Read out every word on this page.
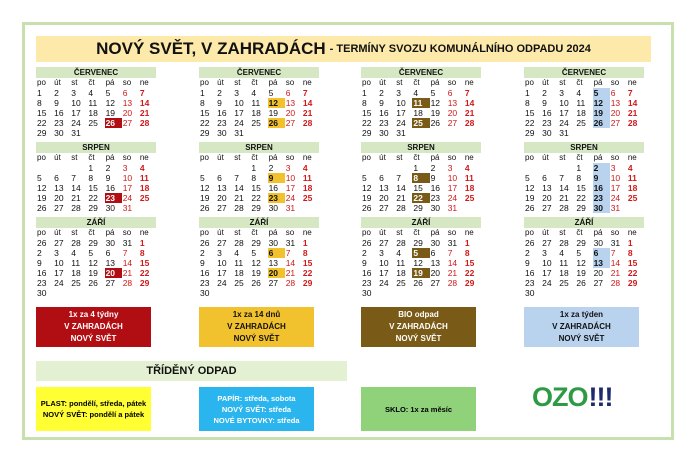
NOVÝ SVĚT, V ZAHRADÁCH - TERMÍNY SVOZU KOMUNÁLNÍHO ODPADU 2024
ČERVENEC
po	út	st	čt	pá	so	ne
1	2	3	4	5	6	7
8	9	10	11	12	13	14
15	16	17	18	19	20	21
22	23	24	25	26	27	28
29	30	31				
SRPEN
po	út	st	čt	pá	so	ne
			1	2	3	4
5	6	7	8	9	10	11
12	13	14	15	16	17	18
19	20	21	22	23	24	25
26	27	28	29	30	31	
ZÁŘÍ
po	út	st	čt	pá	so	ne
26	27	28	29	30	31	1
2	3	4	5	6	7	8
9	10	11	12	13	14	15
16	17	18	19	20	21	22
23	24	25	26	27	28	29
30						
ČERVENEC
po	út	st	čt	pá	so	ne
1	2	3	4	5	6	7
8	9	10	11	12	13	14
15	16	17	18	19	20	21
22	23	24	25	26	27	28
29	30	31				
SRPEN
po	út	st	čt	pá	so	ne
			1	2	3	4
5	6	7	8	9	10	11
12	13	14	15	16	17	18
19	20	21	22	23	24	25
26	27	28	29	30	31	
ZÁŘÍ
po	út	st	čt	pá	so	ne
26	27	28	29	30	31	1
2	3	4	5	6	7	8
9	10	11	12	13	14	15
16	17	18	19	20	21	22
23	24	25	26	27	28	29
30						
ČERVENEC
po	út	st	čt	pá	so	ne
1	2	3	4	5	6	7
8	9	10	11	12	13	14
15	16	17	18	19	20	21
22	23	24	25	26	27	28
29	30	31				
SRPEN
po	út	st	čt	pá	so	ne
			1	2	3	4
5	6	7	8	9	10	11
12	13	14	15	16	17	18
19	20	21	22	23	24	25
26	27	28	29	30	31	
ZÁŘÍ
po	út	st	čt	pá	so	ne
26	27	28	29	30	31	1
2	3	4	5	6	7	8
9	10	11	12	13	14	15
16	17	18	19	20	21	22
23	24	25	26	27	28	29
30						
ČERVENEC
po	út	st	čt	pá	so	ne
1	2	3	4	5	6	7
8	9	10	11	12	13	14
15	16	17	18	19	20	21
22	23	24	25	26	27	28
29	30	31				
SRPEN
po	út	st	čt	pá	so	ne
			1	2	3	4
5	6	7	8	9	10	11
12	13	14	15	16	17	18
19	20	21	22	23	24	25
26	27	28	29	30	31	
ZÁŘÍ
po	út	st	čt	pá	so	ne
26	27	28	29	30	31	1
2	3	4	5	6	7	8
9	10	11	12	13	14	15
16	17	18	19	20	21	22
23	24	25	26	27	28	29
30						
1x za 4 týdny
V ZAHRADÁCH
NOVÝ SVĚT
1x za 14 dnů
V ZAHRADÁCH
NOVÝ SVĚT
BIO odpad
V ZAHRADÁCH
NOVÝ SVĚT
1x za týden
V ZAHRADÁCH
NOVÝ SVĚT
TŘÍDĚNÝ ODPAD
PLAST: pondělí, středa, pátek
NOVÝ SVĚT: pondělí a pátek
PAPÍR: středa, sobota
NOVÝ SVĚT: středa
NOVÉ BYTOVKY: středa
SKLO: 1x za měsíc	OZO!!!
